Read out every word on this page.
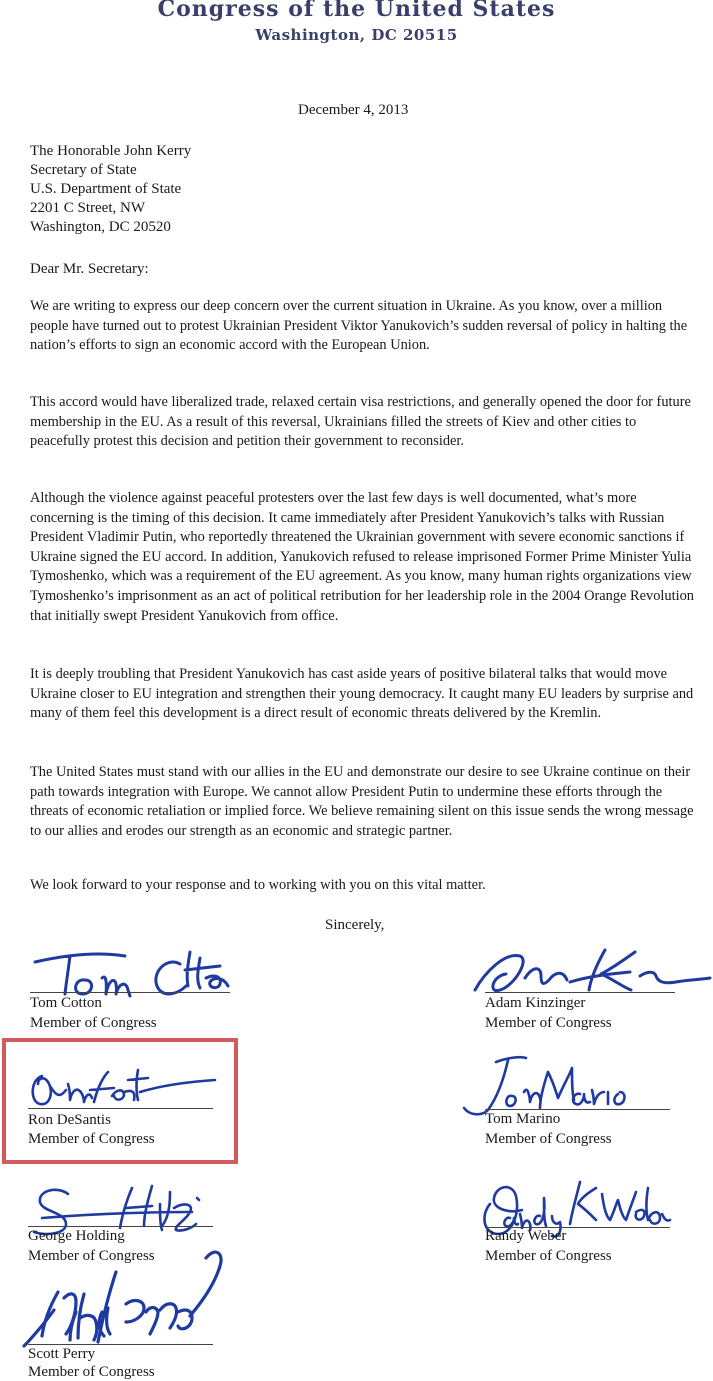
Congress of the United States
Washington, DC 20515
December 4, 2013
The Honorable John Kerry
Secretary of State
U.S. Department of State
2201 C Street, NW
Washington, DC 20520
Dear Mr. Secretary:

We are writing to express our deep concern over the current situation in Ukraine. As you know, over a million people have turned out to protest Ukrainian President Viktor Yanukovich’s sudden reversal of policy in halting the nation’s efforts to sign an economic accord with the European Union.

This accord would have liberalized trade, relaxed certain visa restrictions, and generally opened the door for future membership in the EU. As a result of this reversal, Ukrainians filled the streets of Kiev and other cities to peacefully protest this decision and petition their government to reconsider.

Although the violence against peaceful protesters over the last few days is well documented, what’s more concerning is the timing of this decision. It came immediately after President Yanukovich’s talks with Russian President Vladimir Putin, who reportedly threatened the Ukrainian government with severe economic sanctions if Ukraine signed the EU accord. In addition, Yanukovich refused to release imprisoned Former Prime Minister Yulia Tymoshenko, which was a requirement of the EU agreement. As you know, many human rights organizations view Tymoshenko’s imprisonment as an act of political retribution for her leadership role in the 2004 Orange Revolution that initially swept President Yanukovich from office.

It is deeply troubling that President Yanukovich has cast aside years of positive bilateral talks that would move Ukraine closer to EU integration and strengthen their young democracy. It caught many EU leaders by surprise and many of them feel this development is a direct result of economic threats delivered by the Kremlin.

The United States must stand with our allies in the EU and demonstrate our desire to see Ukraine continue on their path towards integration with Europe. We cannot allow President Putin to undermine these efforts through the threats of economic retaliation or implied force. We believe remaining silent on this issue sends the wrong message to our allies and erodes our strength as an economic and strategic partner.

We look forward to your response and to working with you on this vital matter.
Sincerely,
Tom Cotton
Member of Congress
Adam Kinzinger
Member of Congress
Ron DeSantis
Member of Congress
Tom Marino
Member of Congress
George Holding
Member of Congress
Randy Weber
Member of Congress
Scott Perry
Member of Congress
